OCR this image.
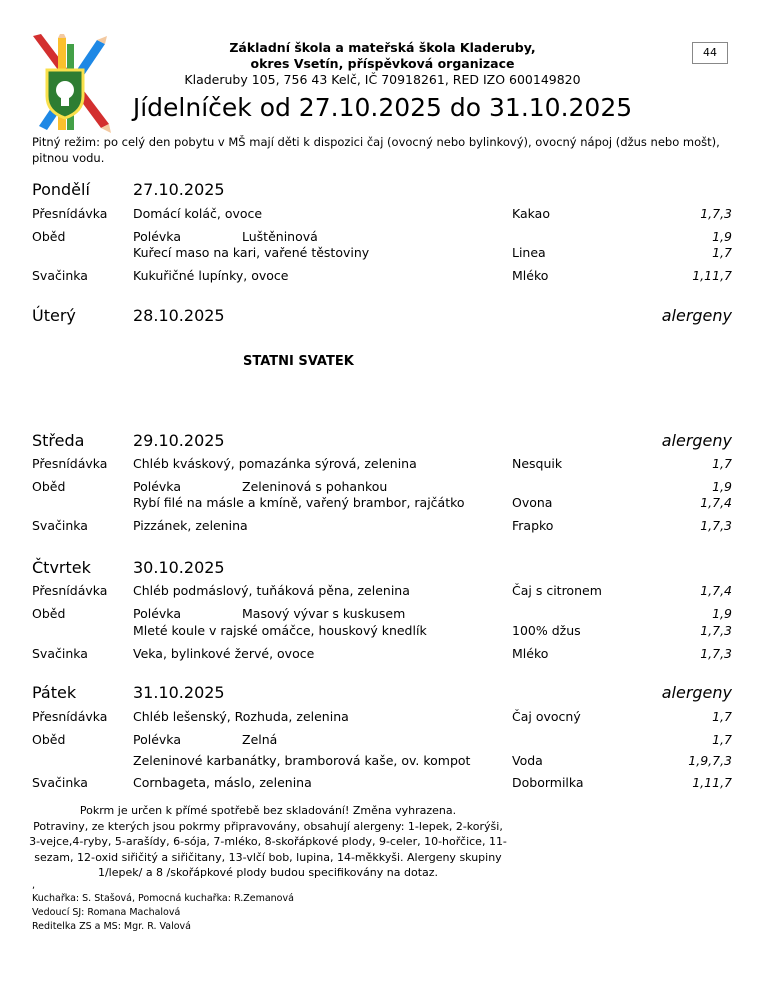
Základní škola a mateřská škola Kladeruby,
okres Vsetín, příspěvková organizace
Kladeruby 105, 756 43 Kelč, IČ 70918261, RED IZO 600149820
44
Jídelníček od 27.10.2025 do 31.10.2025
Pitný režim: po celý den pobytu v MŠ mají děti k dispozici čaj (ovocný nebo bylinkový), ovocný nápoj (džus nebo mošt), pitnou vodu.
Pondělí	27.10.2025
Přesnídávka Domácí koláč, ovoce	Kakao	1,7,3
Oběd	Polévka	Luštěninová	1,9
Kuřecí maso na kari, vařené těstoviny	Linea	1,7
Svačinka	Kukuřičné lupínky, ovoce	Mléko	1,11,7
Úterý	28.10.2025	alergeny
STATNI SVATEK
Středa	29.10.2025	alergeny
Přesnídávka Chléb kváskový, pomazánka sýrová, zelenina	Nesquik	1,7
Oběd	Polévka	Zeleninová s pohankou	1,9
Rybí filé na másle a kmíně, vařený brambor, rajčátko	Ovona	1,7,4
Svačinka	Pizzánek, zelenina	Frapko	1,7,3
Čtvrtek	30.10.2025
Přesnídávka Chléb podmáslový, tuňáková pěna, zelenina	Čaj s citronem	1,7,4
Oběd	Polévka	Masový vývar s kuskusem	1,9
Mleté koule v rajské omáčce, houskový knedlík	100% džus	1,7,3
Svačinka	Veka, bylinkové žervé, ovoce	Mléko	1,7,3
Pátek	31.10.2025	alergeny
Přesnídávka Chléb lešenský, Rozhuda, zelenina	Čaj ovocný	1,7
Oběd	Polévka	Zelná	1,7
Zeleninové karbanátky, bramborová kaše, ov. kompot	Voda	1,9,7,3
Svačinka	Cornbageta, máslo, zelenina	Dobormilka	1,11,7
Pokrm je určen k přímé spotřebě bez skladování! Změna vyhrazena.
Potraviny, ze kterých jsou pokrmy připravovány, obsahují alergeny: 1-lepek, 2-korýši,
3-vejce,4-ryby, 5-arašídy, 6-sója, 7-mléko, 8-skořápkové plody, 9-celer, 10-hořčice, 11-
sezam, 12-oxid siřičitý a siřičitany, 13-vlčí bob, lupina, 14-měkkyši. Alergeny skupiny
1/lepek/ a 8 /skořápkové plody budou specifikovány na dotaz.
,
Kuchařka: S. Stašová, Pomocná kuchařka: R.Zemanová
Vedoucí SJ: Romana Machalová
Reditelka ZS a MS: Mgr. R. Valová
